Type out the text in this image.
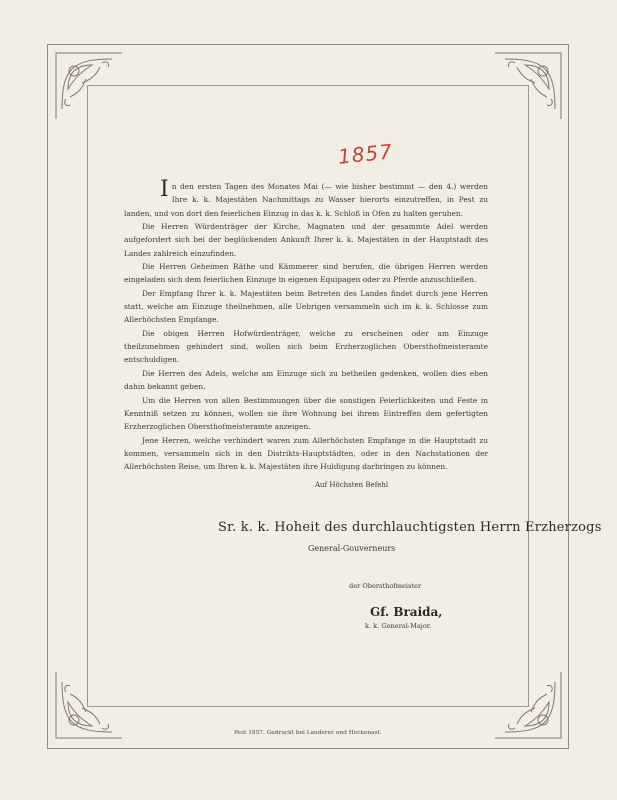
1857

In den ersten Tagen des Monates Mai (— wie bisher bestimmt — den 4.) werden Ihre k. k. Majestäten Nachmittags zu Wasser hierorts einzutreffen, in Pest zu landen, und von dort den feierlichen Einzug in das k. k. Schloß in Ofen zu halten geruhen.

Die Herren Würdenträger der Kirche, Magnaten und der gesammte Adel werden aufgefordert sich bei der beglückenden Ankunft Ihrer k. k. Majestäten in der Hauptstadt des Landes zahlreich einzufinden.

Die Herren Geheimen Räthe und Kämmerer sind berufen, die übrigen Herren werden eingeladen sich dem feierlichen Einzuge in eigenen Equipagen oder zu Pferde anzuschließen.

Der Empfang Ihrer k. k. Majestäten beim Betreten des Landes findet durch jene Herren statt, welche am Einzuge theilnehmen, alle Uebrigen versammeln sich im k. k. Schlosse zum Allerhöchsten Empfange.

Die obigen Herren Hofwürdenträger, welche zu erscheinen oder am Einzuge theilzunehmen gehindert sind, wollen sich beim Erzherzoglichen Obersthofmeisteramte entschuldigen.

Die Herren des Adels, welche am Einzuge sich zu betheilen gedenken, wollen dies eben dahin bekannt geben.

Um die Herren von allen Bestimmungen über die sonstigen Feierlichkeiten und Feste in Kenntniß setzen zu können, wollen sie ihre Wohnung bei ihrem Eintreffen dem gefertigten Erzherzoglichen Obersthofmeisteramte anzeigen.

Jene Herren, welche verhindert waren zum Allerhöchsten Empfange in die Hauptstadt zu kommen, versammeln sich in den Distrikts-Hauptstädten, oder in den Nachstationen der Allerhöchsten Reise, um Ihren k. k. Majestäten ihre Huldigung darbringen zu können.

Auf Höchsten Befehl
Sr. k. k. Hoheit des durchlauchtigsten Herrn Erzherzogs
General-Gouverneurs
der Obersthofmeister
Gf. Braida,
k. k. General-Major.
Pest 1857. Gedruckt bei Landerer und Heckenast.
